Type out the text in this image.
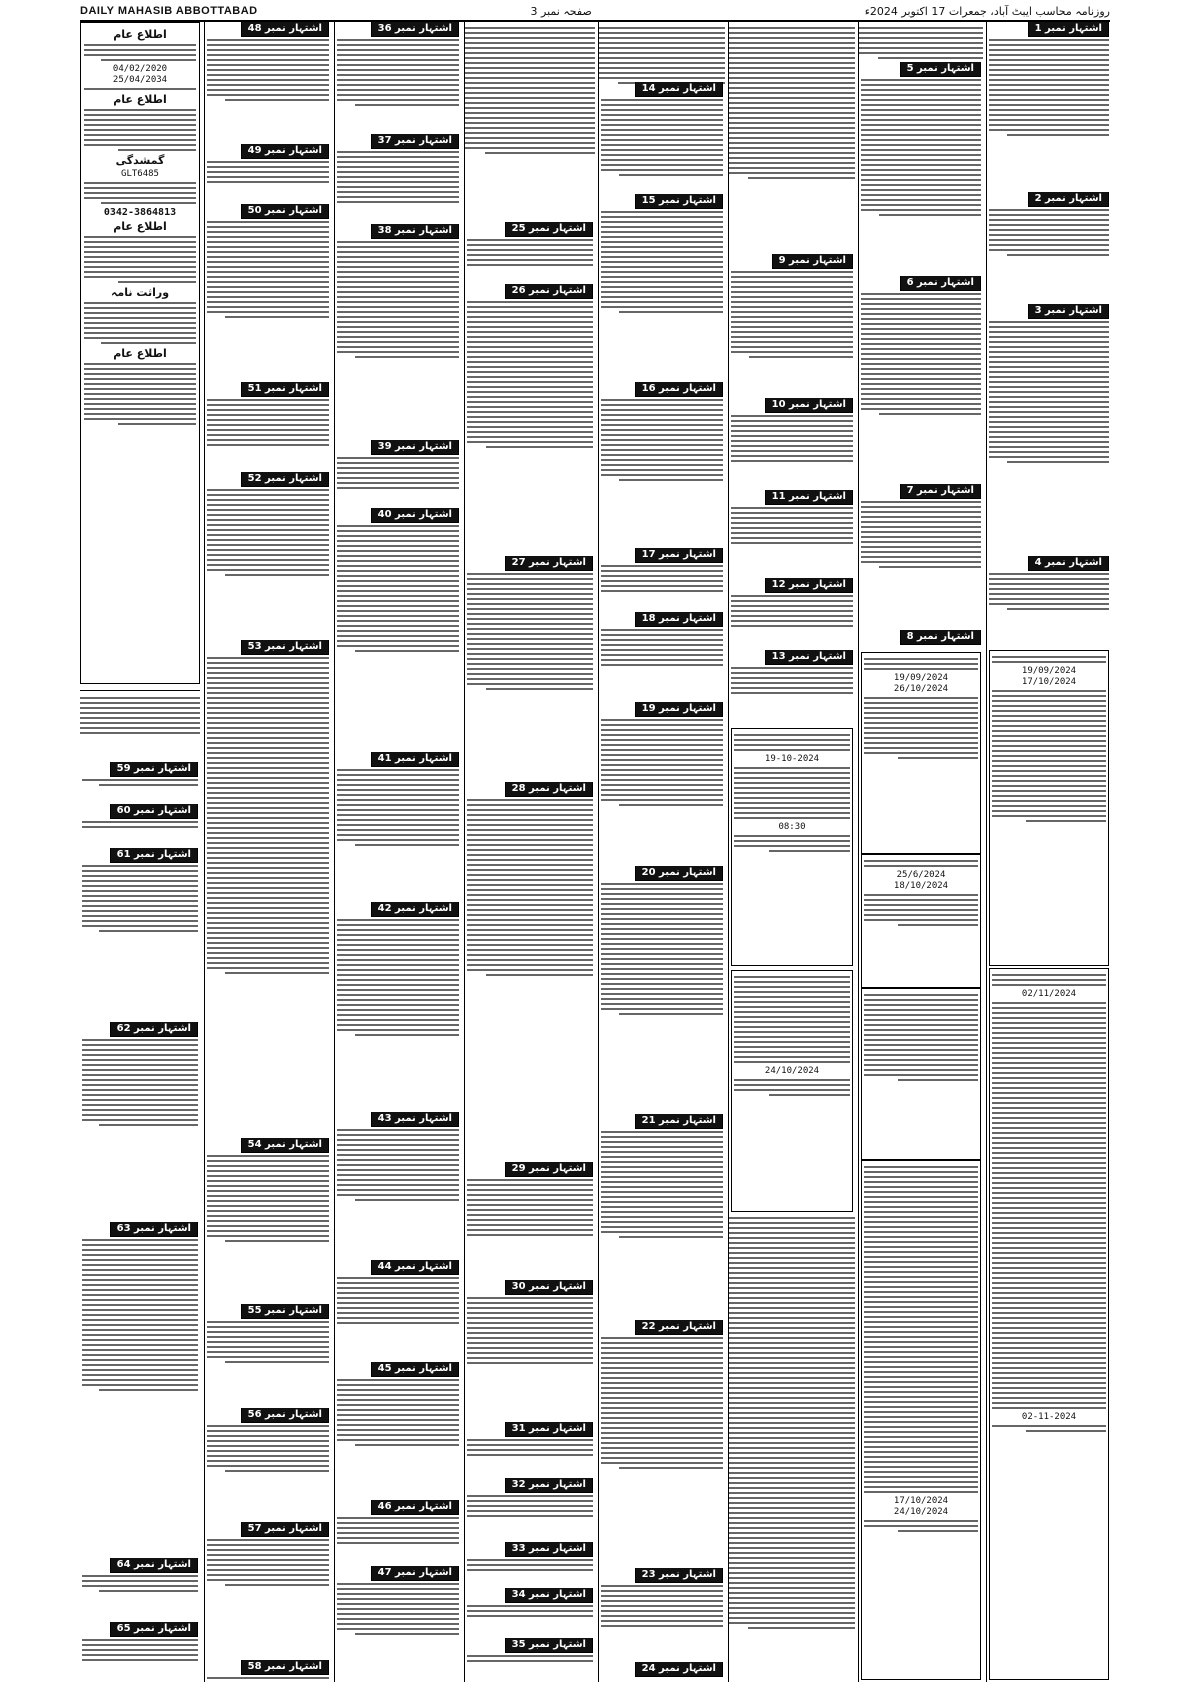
DAILY MAHASIB ABBOTTABAD	صفحہ نمبر 3	روزنامہ محاسب ایبٹ آباد، جمعرات 17 اکتوبر 2024ء
اطلاع عام
04/02/2020
25/04/2034
اطلاع عام
گمشدگی
GLT6485
0342-3864813
اطلاع عام
وراثت نامہ
اطلاع عام
اشتہار نمبر 59
اشتہار نمبر 60
اشتہار نمبر 61
اشتہار نمبر 62
اشتہار نمبر 63
اشتہار نمبر 64
اشتہار نمبر 65
اشتہار نمبر 48
اشتہار نمبر 49
اشتہار نمبر 50
اشتہار نمبر 51
اشتہار نمبر 52
اشتہار نمبر 53
اشتہار نمبر 54
اشتہار نمبر 55
اشتہار نمبر 56
اشتہار نمبر 57
اشتہار نمبر 58
اشتہار نمبر 36
اشتہار نمبر 37
اشتہار نمبر 38
اشتہار نمبر 39
اشتہار نمبر 40
اشتہار نمبر 41
اشتہار نمبر 42
اشتہار نمبر 43
اشتہار نمبر 44
اشتہار نمبر 45
اشتہار نمبر 46
اشتہار نمبر 47
اشتہار نمبر 25
اشتہار نمبر 26
اشتہار نمبر 27
اشتہار نمبر 28
اشتہار نمبر 29
اشتہار نمبر 30
اشتہار نمبر 31
اشتہار نمبر 32
اشتہار نمبر 33
اشتہار نمبر 34
اشتہار نمبر 35
اشتہار نمبر 14
اشتہار نمبر 15
اشتہار نمبر 16
اشتہار نمبر 17
اشتہار نمبر 18
اشتہار نمبر 19
اشتہار نمبر 20
اشتہار نمبر 21
اشتہار نمبر 22
اشتہار نمبر 23
اشتہار نمبر 24
اشتہار نمبر 9
اشتہار نمبر 10
اشتہار نمبر 11
اشتہار نمبر 12
اشتہار نمبر 13
19-10-2024
08:30
24/10/2024
اشتہار نمبر 5
اشتہار نمبر 6
اشتہار نمبر 7
اشتہار نمبر 8
19/09/2024
26/10/2024
25/6/2024
18/10/2024
17/10/2024
24/10/2024
اشتہار نمبر 1
اشتہار نمبر 2
اشتہار نمبر 3
اشتہار نمبر 4
19/09/2024
17/10/2024
02/11/2024
02-11-2024
